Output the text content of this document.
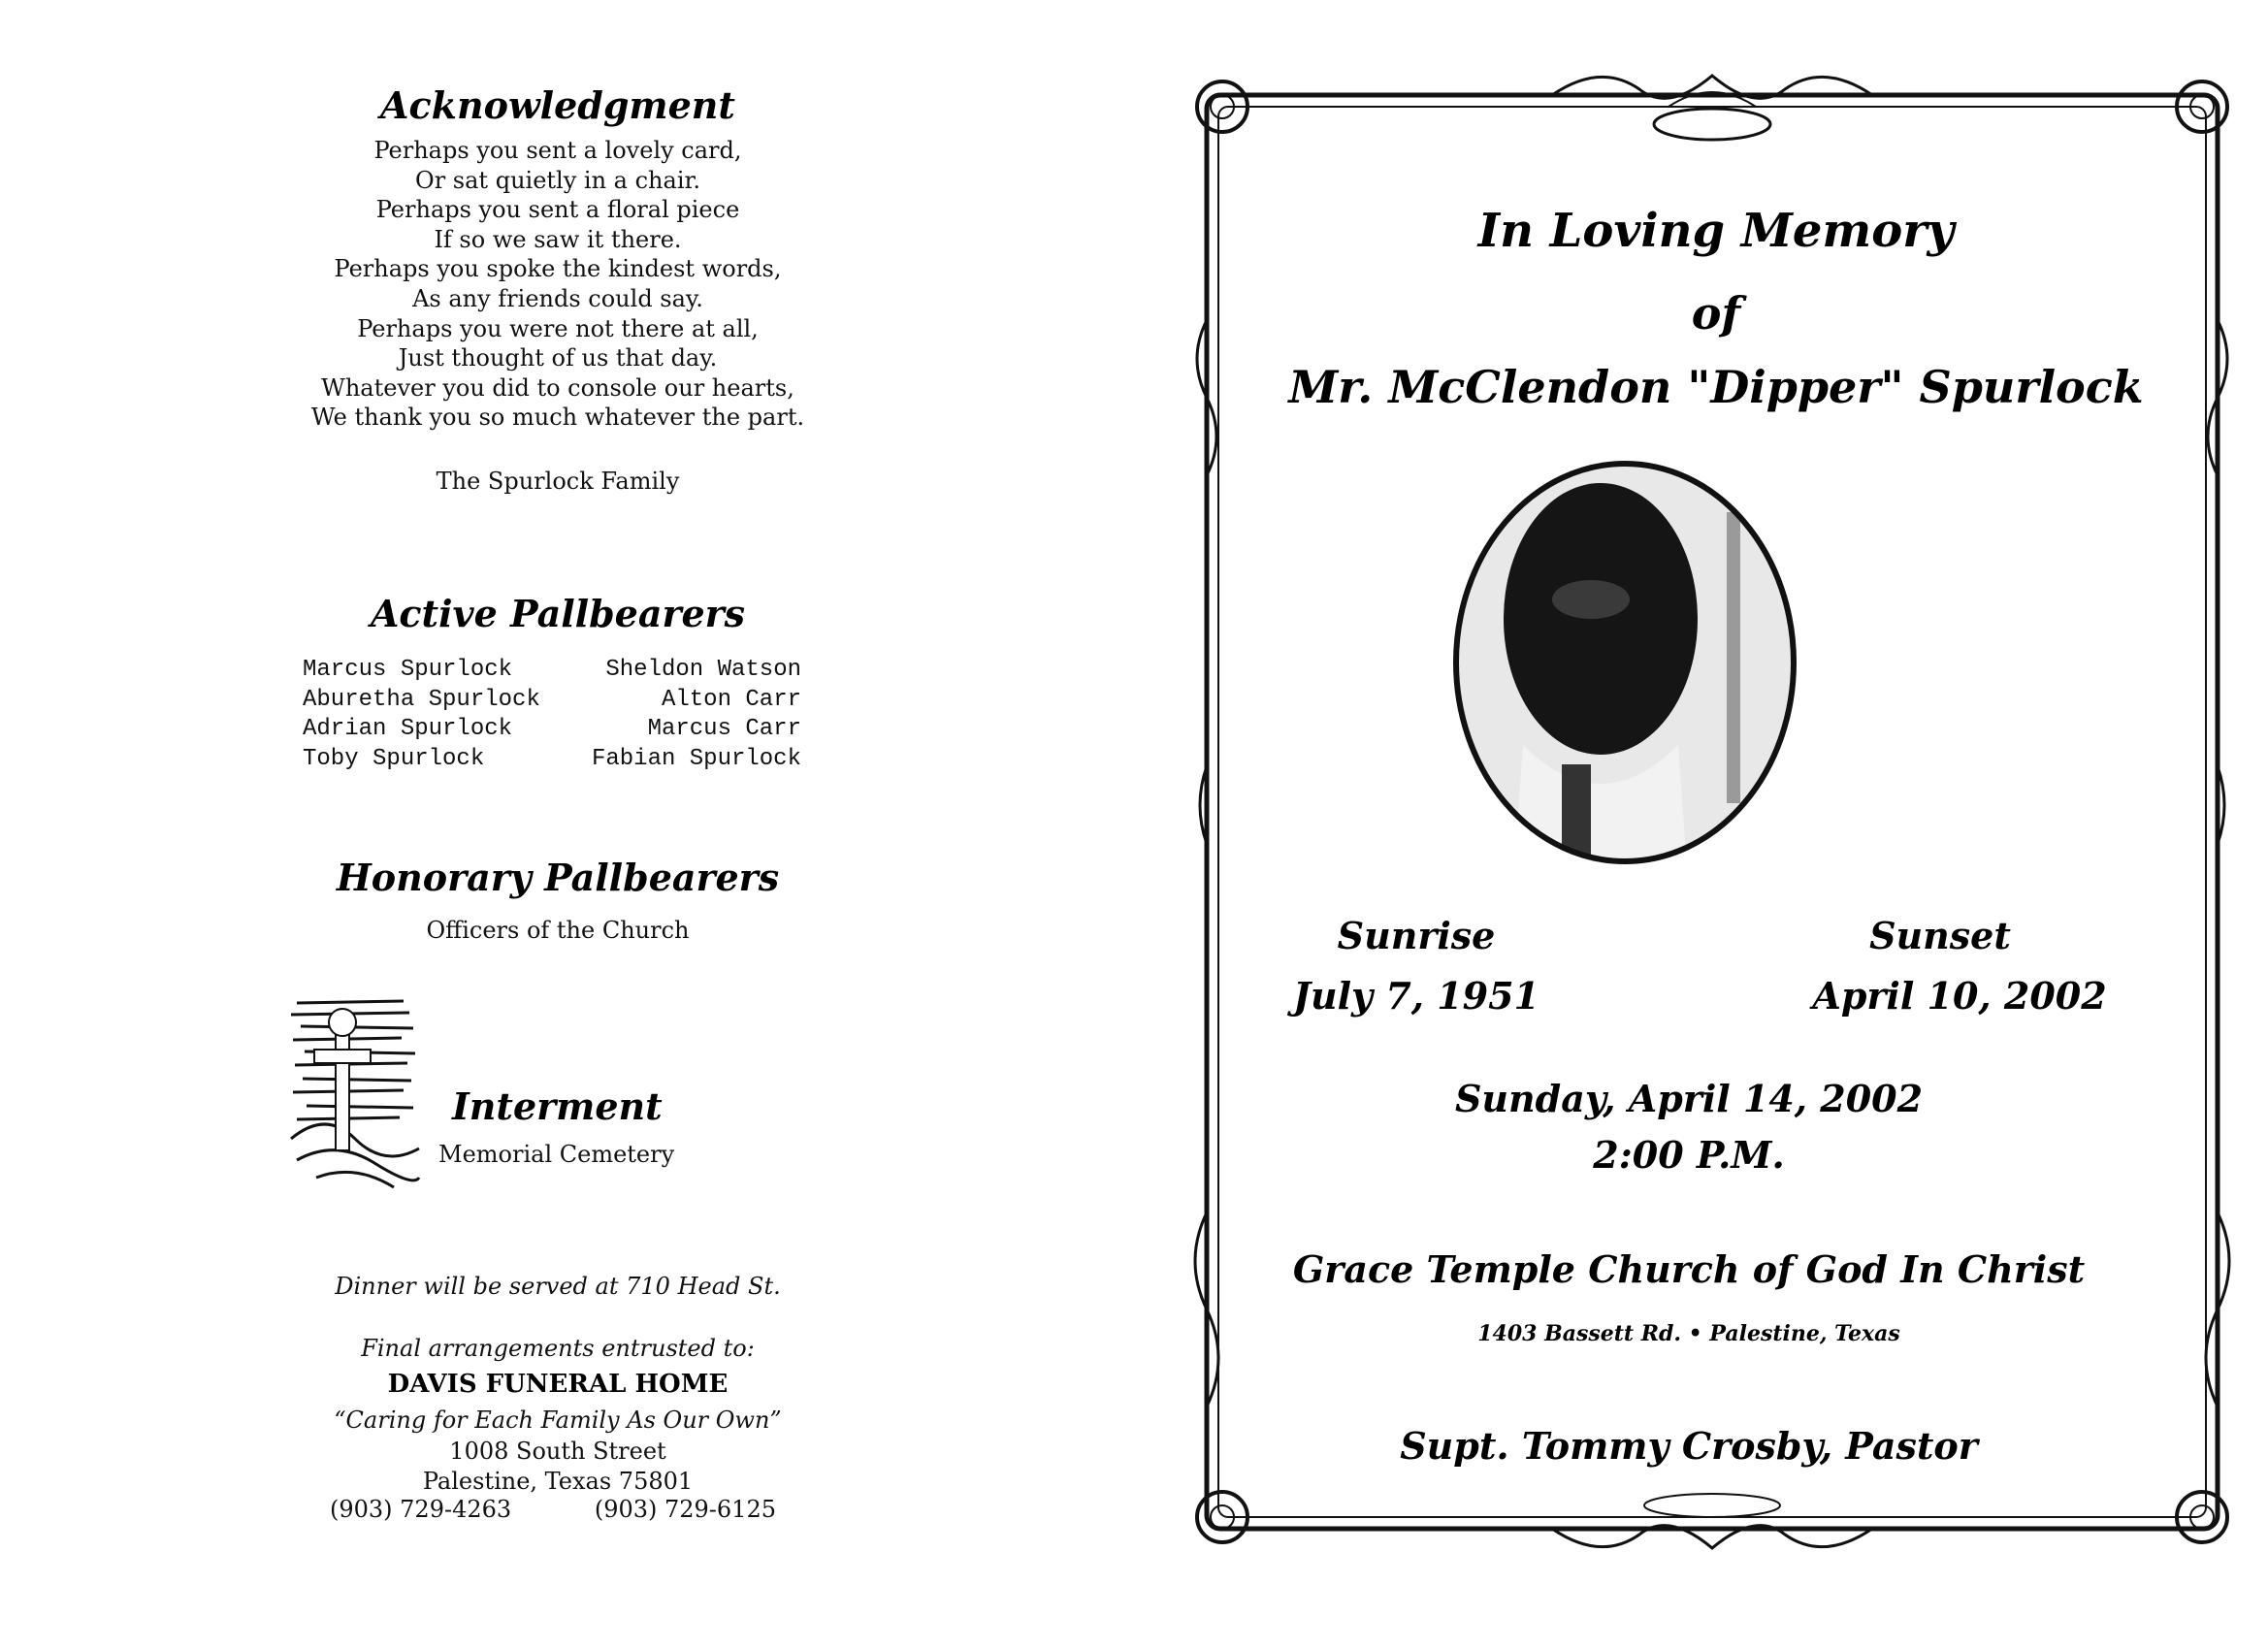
Acknowledgment
Perhaps you sent a lovely card,
Or sat quietly in a chair.
Perhaps you sent a floral piece
If so we saw it there.
Perhaps you spoke the kindest words,
As any friends could say.
Perhaps you were not there at all,
Just thought of us that day.
Whatever you did to console our hearts,
We thank you so much whatever the part.
The Spurlock Family
Active Pallbearers
Marcus Spurlock	Sheldon Watson
Aburetha Spurlock	Alton Carr
Adrian Spurlock	Marcus Carr
Toby Spurlock	Fabian Spurlock
Honorary Pallbearers
Officers of the Church
Interment
Memorial Cemetery
Dinner will be served at 710 Head St.
Final arrangements entrusted to:
DAVIS FUNERAL HOME
“Caring for Each Family As Our Own”
1008 South Street
Palestine, Texas 75801
(903) 729-4263	(903) 729-6125
In Loving Memory
of
Mr. McClendon "Dipper" Spurlock
Sunrise	Sunset
July 7, 1951	April 10, 2002
Sunday, April 14, 2002
2:00 P.M.
Grace Temple Church of God In Christ
1403 Bassett Rd. • Palestine, Texas
Supt. Tommy Crosby, Pastor
